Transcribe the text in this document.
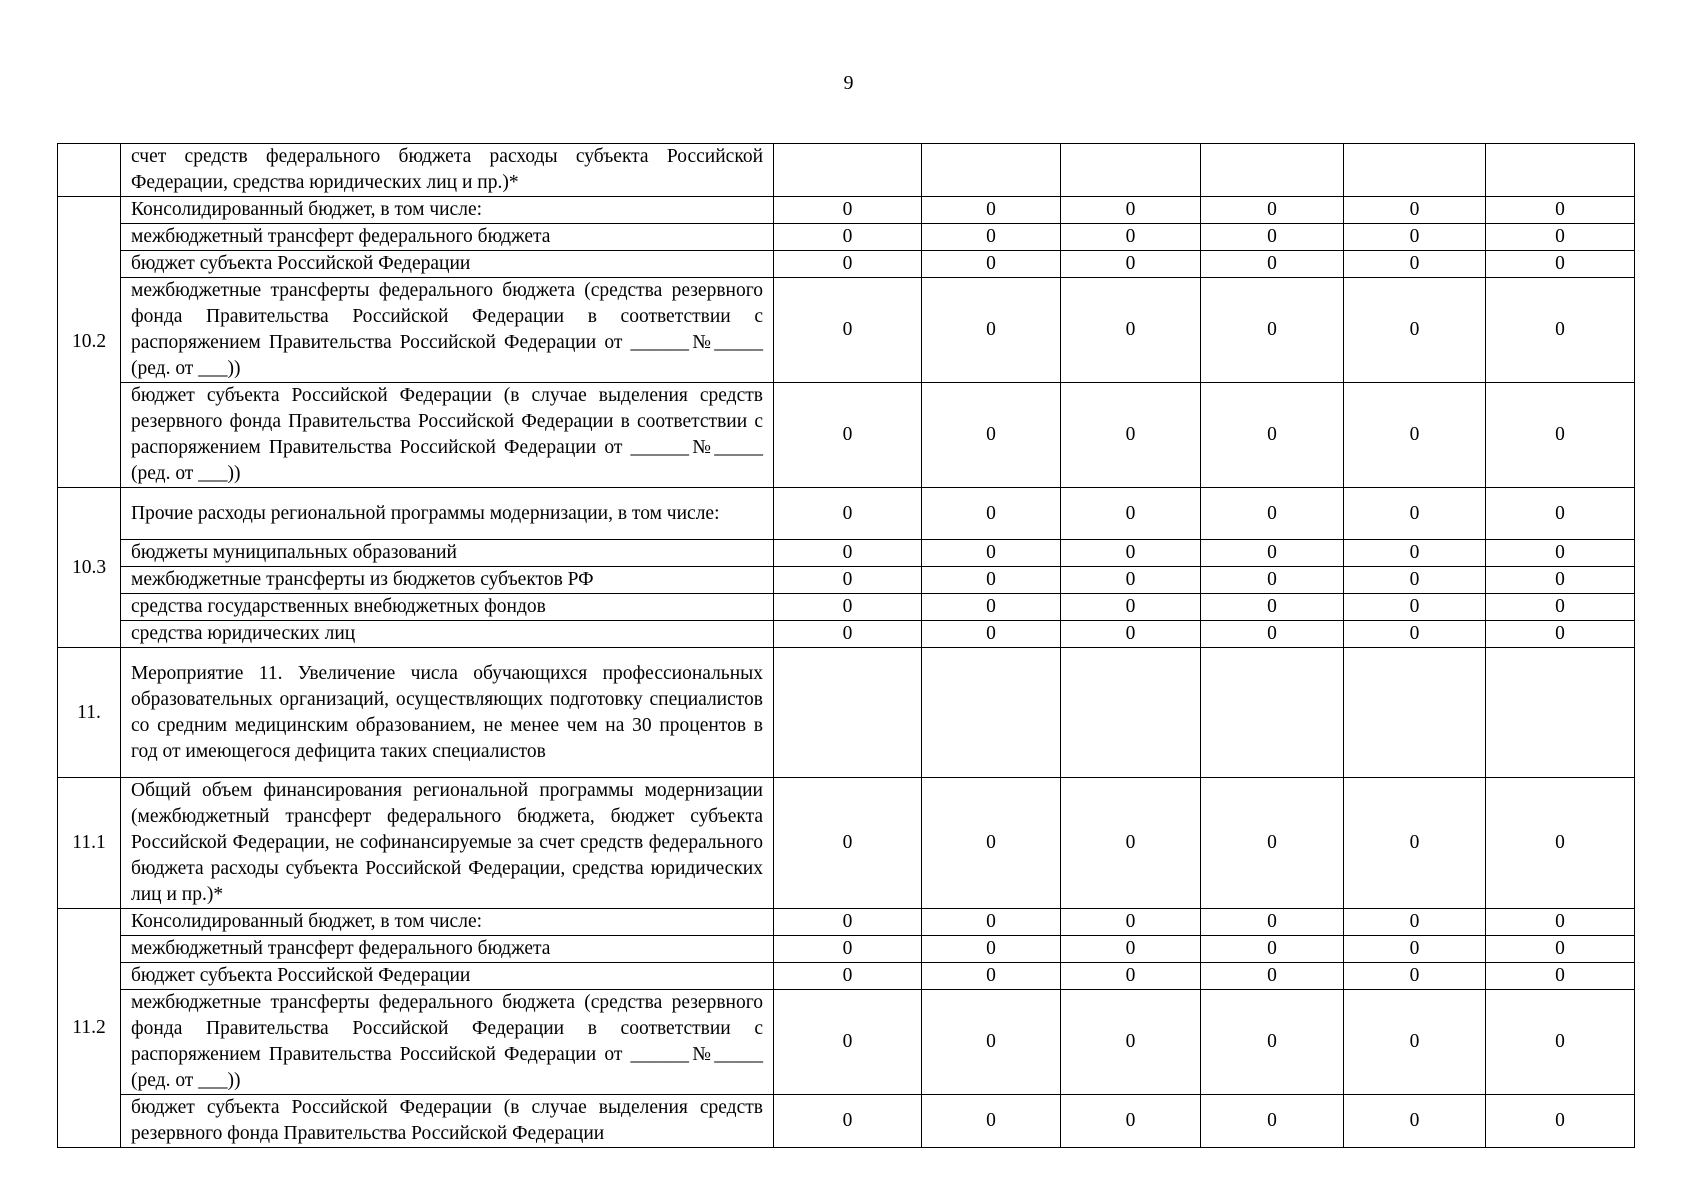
9
	счет средств федерального бюджета расходы субъекта Российской Федерации, средства юридических лиц и пр.)*						
10.2	Консолидированный бюджет, в том числе:	0	0	0	0	0	0
	межбюджетный трансферт федерального бюджета	0	0	0	0	0	0
	бюджет субъекта Российской Федерации	0	0	0	0	0	0
	межбюджетные трансферты федерального бюджета (средства резервного фонда Правительства Российской Федерации в соответствии с распоряжением Правительства Российской Федерации от ______№_____ (ред. от ___))	0	0	0	0	0	0
	бюджет субъекта Российской Федерации (в случае выделения средств резервного фонда Правительства Российской Федерации в соответствии с распоряжением Правительства Российской Федерации от ______№_____ (ред. от ___))	0	0	0	0	0	0
10.3	Прочие расходы региональной программы модернизации, в том числе:	0	0	0	0	0	0
	бюджеты муниципальных образований	0	0	0	0	0	0
	межбюджетные трансферты из бюджетов субъектов РФ	0	0	0	0	0	0
	средства государственных внебюджетных фондов	0	0	0	0	0	0
	средства юридических лиц	0	0	0	0	0	0
11.	Мероприятие 11. Увеличение числа обучающихся профессиональных образовательных организаций, осуществляющих подготовку специалистов со средним медицинским образованием, не менее чем на 30 процентов в год от имеющегося дефицита таких специалистов						
11.1	Общий объем финансирования региональной программы модернизации (межбюджетный трансферт федерального бюджета, бюджет субъекта Российской Федерации, не софинансируемые за счет средств федерального бюджета расходы субъекта Российской Федерации, средства юридических лиц и пр.)*	0	0	0	0	0	0
11.2	Консолидированный бюджет, в том числе:	0	0	0	0	0	0
	межбюджетный трансферт федерального бюджета	0	0	0	0	0	0
	бюджет субъекта Российской Федерации	0	0	0	0	0	0
	межбюджетные трансферты федерального бюджета (средства резервного фонда Правительства Российской Федерации в соответствии с распоряжением Правительства Российской Федерации от ______№_____ (ред. от ___))	0	0	0	0	0	0
	бюджет субъекта Российской Федерации (в случае выделения средств резервного фонда Правительства Российской Федерации	0	0	0	0	0	0
